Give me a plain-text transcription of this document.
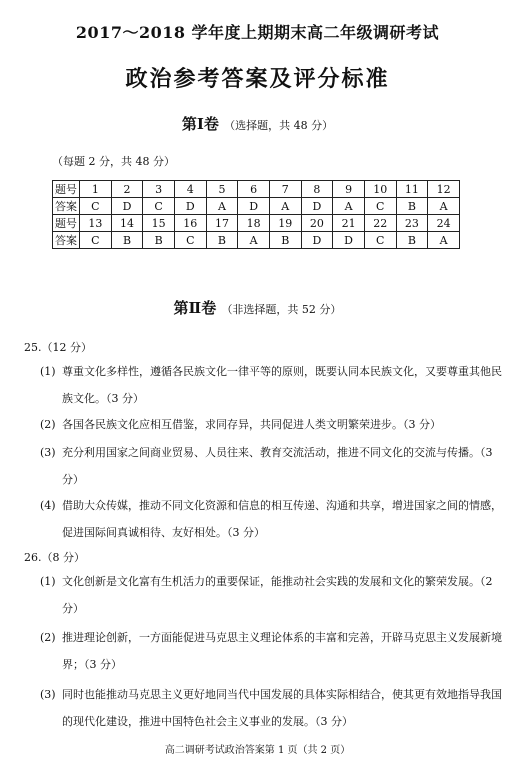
2017～2018 学年度上期期末高二年级调研考试
政治参考答案及评分标准
第Ⅰ卷 （选择题，共 48 分）
（每题 2 分，共 48 分）
题号	1	2	3	4	5	6	7	8	9	10	11	12
答案	C	D	C	D	A	D	A	D	A	C	B	A
题号	13	14	15	16	17	18	19	20	21	22	23	24
答案	C	B	B	C	B	A	B	D	D	C	B	A
第Ⅱ卷 （非选择题，共 52 分）
25.（12 分）
(1) 尊重文化多样性，遵循各民族文化一律平等的原则，既要认同本民族文化，又要尊重其他民族文化。（3 分）
(2) 各国各民族文化应相互借鉴，求同存异，共同促进人类文明繁荣进步。（3 分）
(3) 充分利用国家之间商业贸易、人员往来、教育交流活动，推进不同文化的交流与传播。（3 分）
(4) 借助大众传媒，推动不同文化资源和信息的相互传递、沟通和共享，增进国家之间的情感，促进国际间真诚相待、友好相处。（3 分）
26.（8 分）
(1) 文化创新是文化富有生机活力的重要保证，能推动社会实践的发展和文化的繁荣发展。（2 分）
(2) 推进理论创新，一方面能促进马克思主义理论体系的丰富和完善，开辟马克思主义发展新境界；（3 分）
(3) 同时也能推动马克思主义更好地同当代中国发展的具体实际相结合，使其更有效地指导我国的现代化建设，推进中国特色社会主义事业的发展。（3 分）
高二调研考试政治答案第 1 页（共 2 页）
